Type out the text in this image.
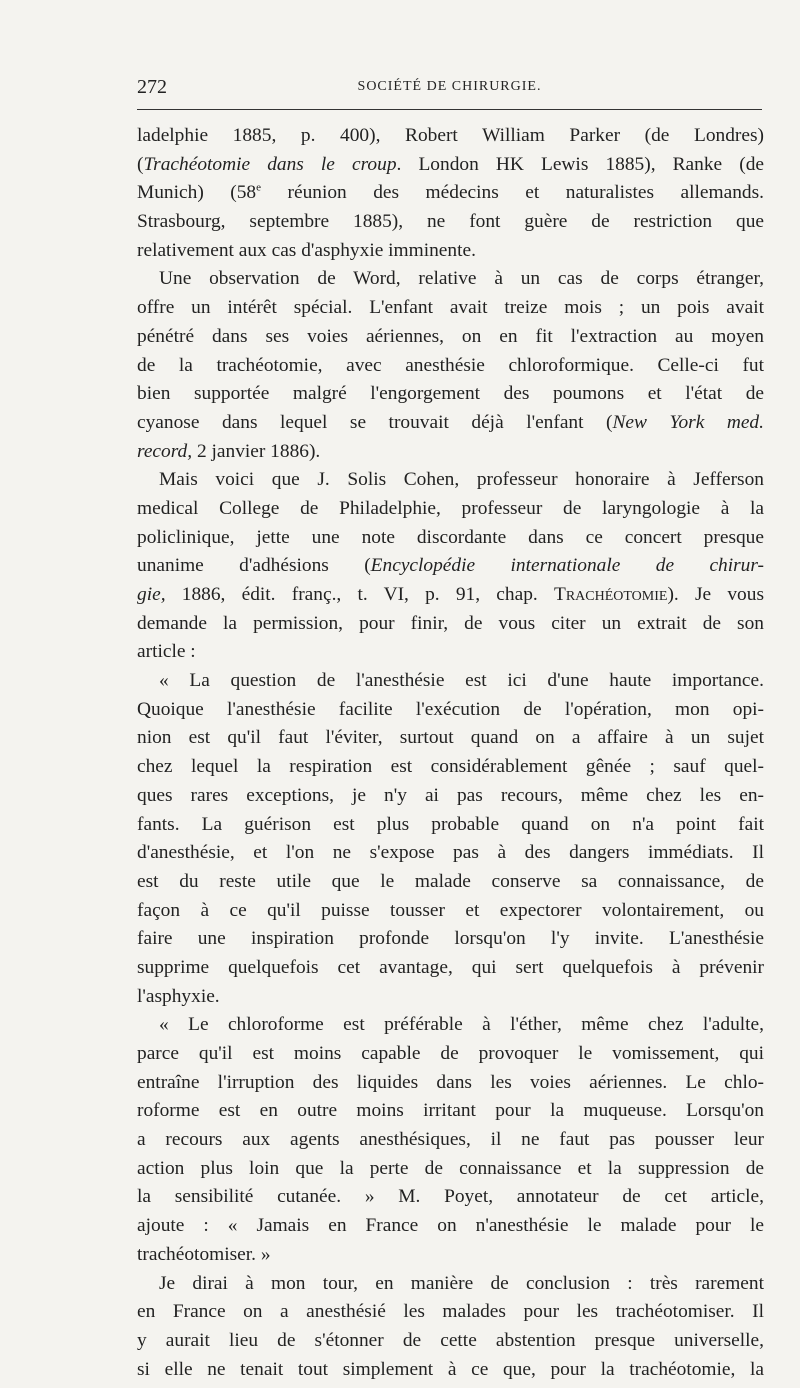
272	SOCIÉTÉ DE CHIRURGIE.
ladelphie 1885, p. 400), Robert William Parker (de Londres)
(Trachéotomie dans le croup. London HK Lewis 1885), Ranke (de
Munich) (58e réunion des médecins et naturalistes allemands.
Strasbourg, septembre 1885), ne font guère de restriction que
relativement aux cas d'asphyxie imminente.
Une observation de Word, relative à un cas de corps étranger,
offre un intérêt spécial. L'enfant avait treize mois ; un pois avait
pénétré dans ses voies aériennes, on en fit l'extraction au moyen
de la trachéotomie, avec anesthésie chloroformique. Celle-ci fut
bien supportée malgré l'engorgement des poumons et l'état de
cyanose dans lequel se trouvait déjà l'enfant (New York med.
record, 2 janvier 1886).
Mais voici que J. Solis Cohen, professeur honoraire à Jefferson
medical College de Philadelphie, professeur de laryngologie à la
policlinique, jette une note discordante dans ce concert presque
unanime d'adhésions (Encyclopédie internationale de chirur-
gie, 1886, édit. franç., t. VI, p. 91, chap. Trachéotomie). Je vous
demande la permission, pour finir, de vous citer un extrait de son
article :
« La question de l'anesthésie est ici d'une haute importance.
Quoique l'anesthésie facilite l'exécution de l'opération, mon opi-
nion est qu'il faut l'éviter, surtout quand on a affaire à un sujet
chez lequel la respiration est considérablement gênée ; sauf quel-
ques rares exceptions, je n'y ai pas recours, même chez les en-
fants. La guérison est plus probable quand on n'a point fait
d'anesthésie, et l'on ne s'expose pas à des dangers immédiats. Il
est du reste utile que le malade conserve sa connaissance, de
façon à ce qu'il puisse tousser et expectorer volontairement, ou
faire une inspiration profonde lorsqu'on l'y invite. L'anesthésie
supprime quelquefois cet avantage, qui sert quelquefois à prévenir
l'asphyxie.
« Le chloroforme est préférable à l'éther, même chez l'adulte,
parce qu'il est moins capable de provoquer le vomissement, qui
entraîne l'irruption des liquides dans les voies aériennes. Le chlo-
roforme est en outre moins irritant pour la muqueuse. Lorsqu'on
a recours aux agents anesthésiques, il ne faut pas pousser leur
action plus loin que la perte de connaissance et la suppression de
la sensibilité cutanée. » M. Poyet, annotateur de cet article,
ajoute : « Jamais en France on n'anesthésie le malade pour le
trachéotomiser. »
Je dirai à mon tour, en manière de conclusion : très rarement
en France on a anesthésié les malades pour les trachéotomiser. Il
y aurait lieu de s'étonner de cette abstention presque universelle,
si elle ne tenait tout simplement à ce que, pour la trachéotomie, la
